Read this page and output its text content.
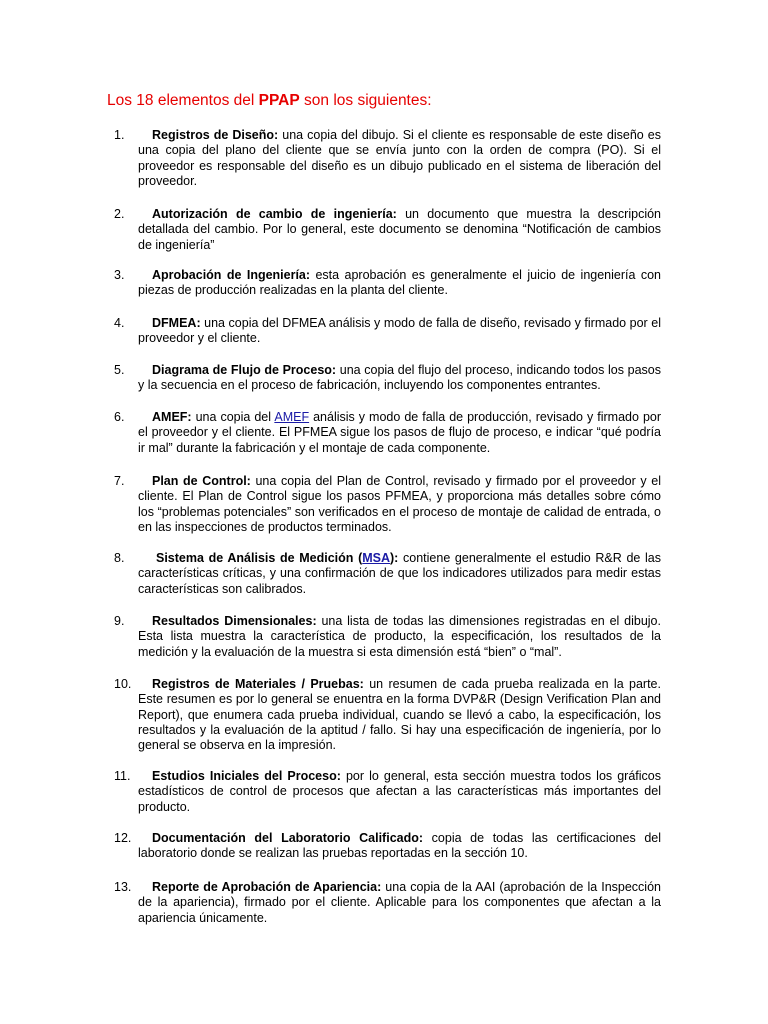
Los 18 elementos del PPAP son los siguientes:
1.	Registros de Diseño: una copia del dibujo. Si el cliente es responsable de este diseño es una copia del plano del cliente que se envía junto con la orden de compra (PO). Si el proveedor es responsable del diseño es un dibujo publicado en el sistema de liberación del proveedor.
2.	Autorización de cambio de ingeniería: un documento que muestra la descripción detallada del cambio. Por lo general, este documento se denomina “Notificación de cambios de ingeniería”
3.	Aprobación de Ingeniería: esta aprobación es generalmente el juicio de ingeniería con piezas de producción realizadas en la planta del cliente.
4.	DFMEA: una copia del DFMEA análisis y modo de falla de diseño, revisado y firmado por el proveedor y el cliente.
5.	Diagrama de Flujo de Proceso: una copia del flujo del proceso, indicando todos los pasos y la secuencia en el proceso de fabricación, incluyendo los componentes entrantes.
6.	AMEF: una copia del AMEF análisis y modo de falla de producción, revisado y firmado por el proveedor y el cliente. El PFMEA sigue los pasos de flujo de proceso, e indicar “qué podría ir mal” durante la fabricación y el montaje de cada componente.
7.	Plan de Control: una copia del Plan de Control, revisado y firmado por el proveedor y el cliente. El Plan de Control sigue los pasos PFMEA, y proporciona más detalles sobre cómo los “problemas potenciales” son verificados en el proceso de montaje de calidad de entrada, o en las inspecciones de productos terminados.
8.	Sistema de Análisis de Medición (MSA): contiene generalmente el estudio R&R de las características críticas, y una confirmación de que los indicadores utilizados para medir estas características son calibrados.
9.	Resultados Dimensionales: una lista de todas las dimensiones registradas en el dibujo. Esta lista muestra la característica de producto, la especificación, los resultados de la medición y la evaluación de la muestra si esta dimensión está “bien” o “mal”.
10.	Registros de Materiales / Pruebas: un resumen de cada prueba realizada en la parte. Este resumen es por lo general se enuentra en la forma DVP&R (Design Verification Plan and Report), que enumera cada prueba individual, cuando se llevó a cabo, la especificación, los resultados y la evaluación de la aptitud / fallo. Si hay una especificación de ingeniería, por lo general se observa en la impresión.
11.	Estudios Iniciales del Proceso: por lo general, esta sección muestra todos los gráficos estadísticos de control de procesos que afectan a las características más importantes del producto.
12.	Documentación del Laboratorio Calificado: copia de todas las certificaciones del laboratorio donde se realizan las pruebas reportadas en la sección 10.
13.	Reporte de Aprobación de Apariencia: una copia de la AAI (aprobación de la Inspección de la apariencia), firmado por el cliente. Aplicable para los componentes que afectan a la apariencia únicamente.
